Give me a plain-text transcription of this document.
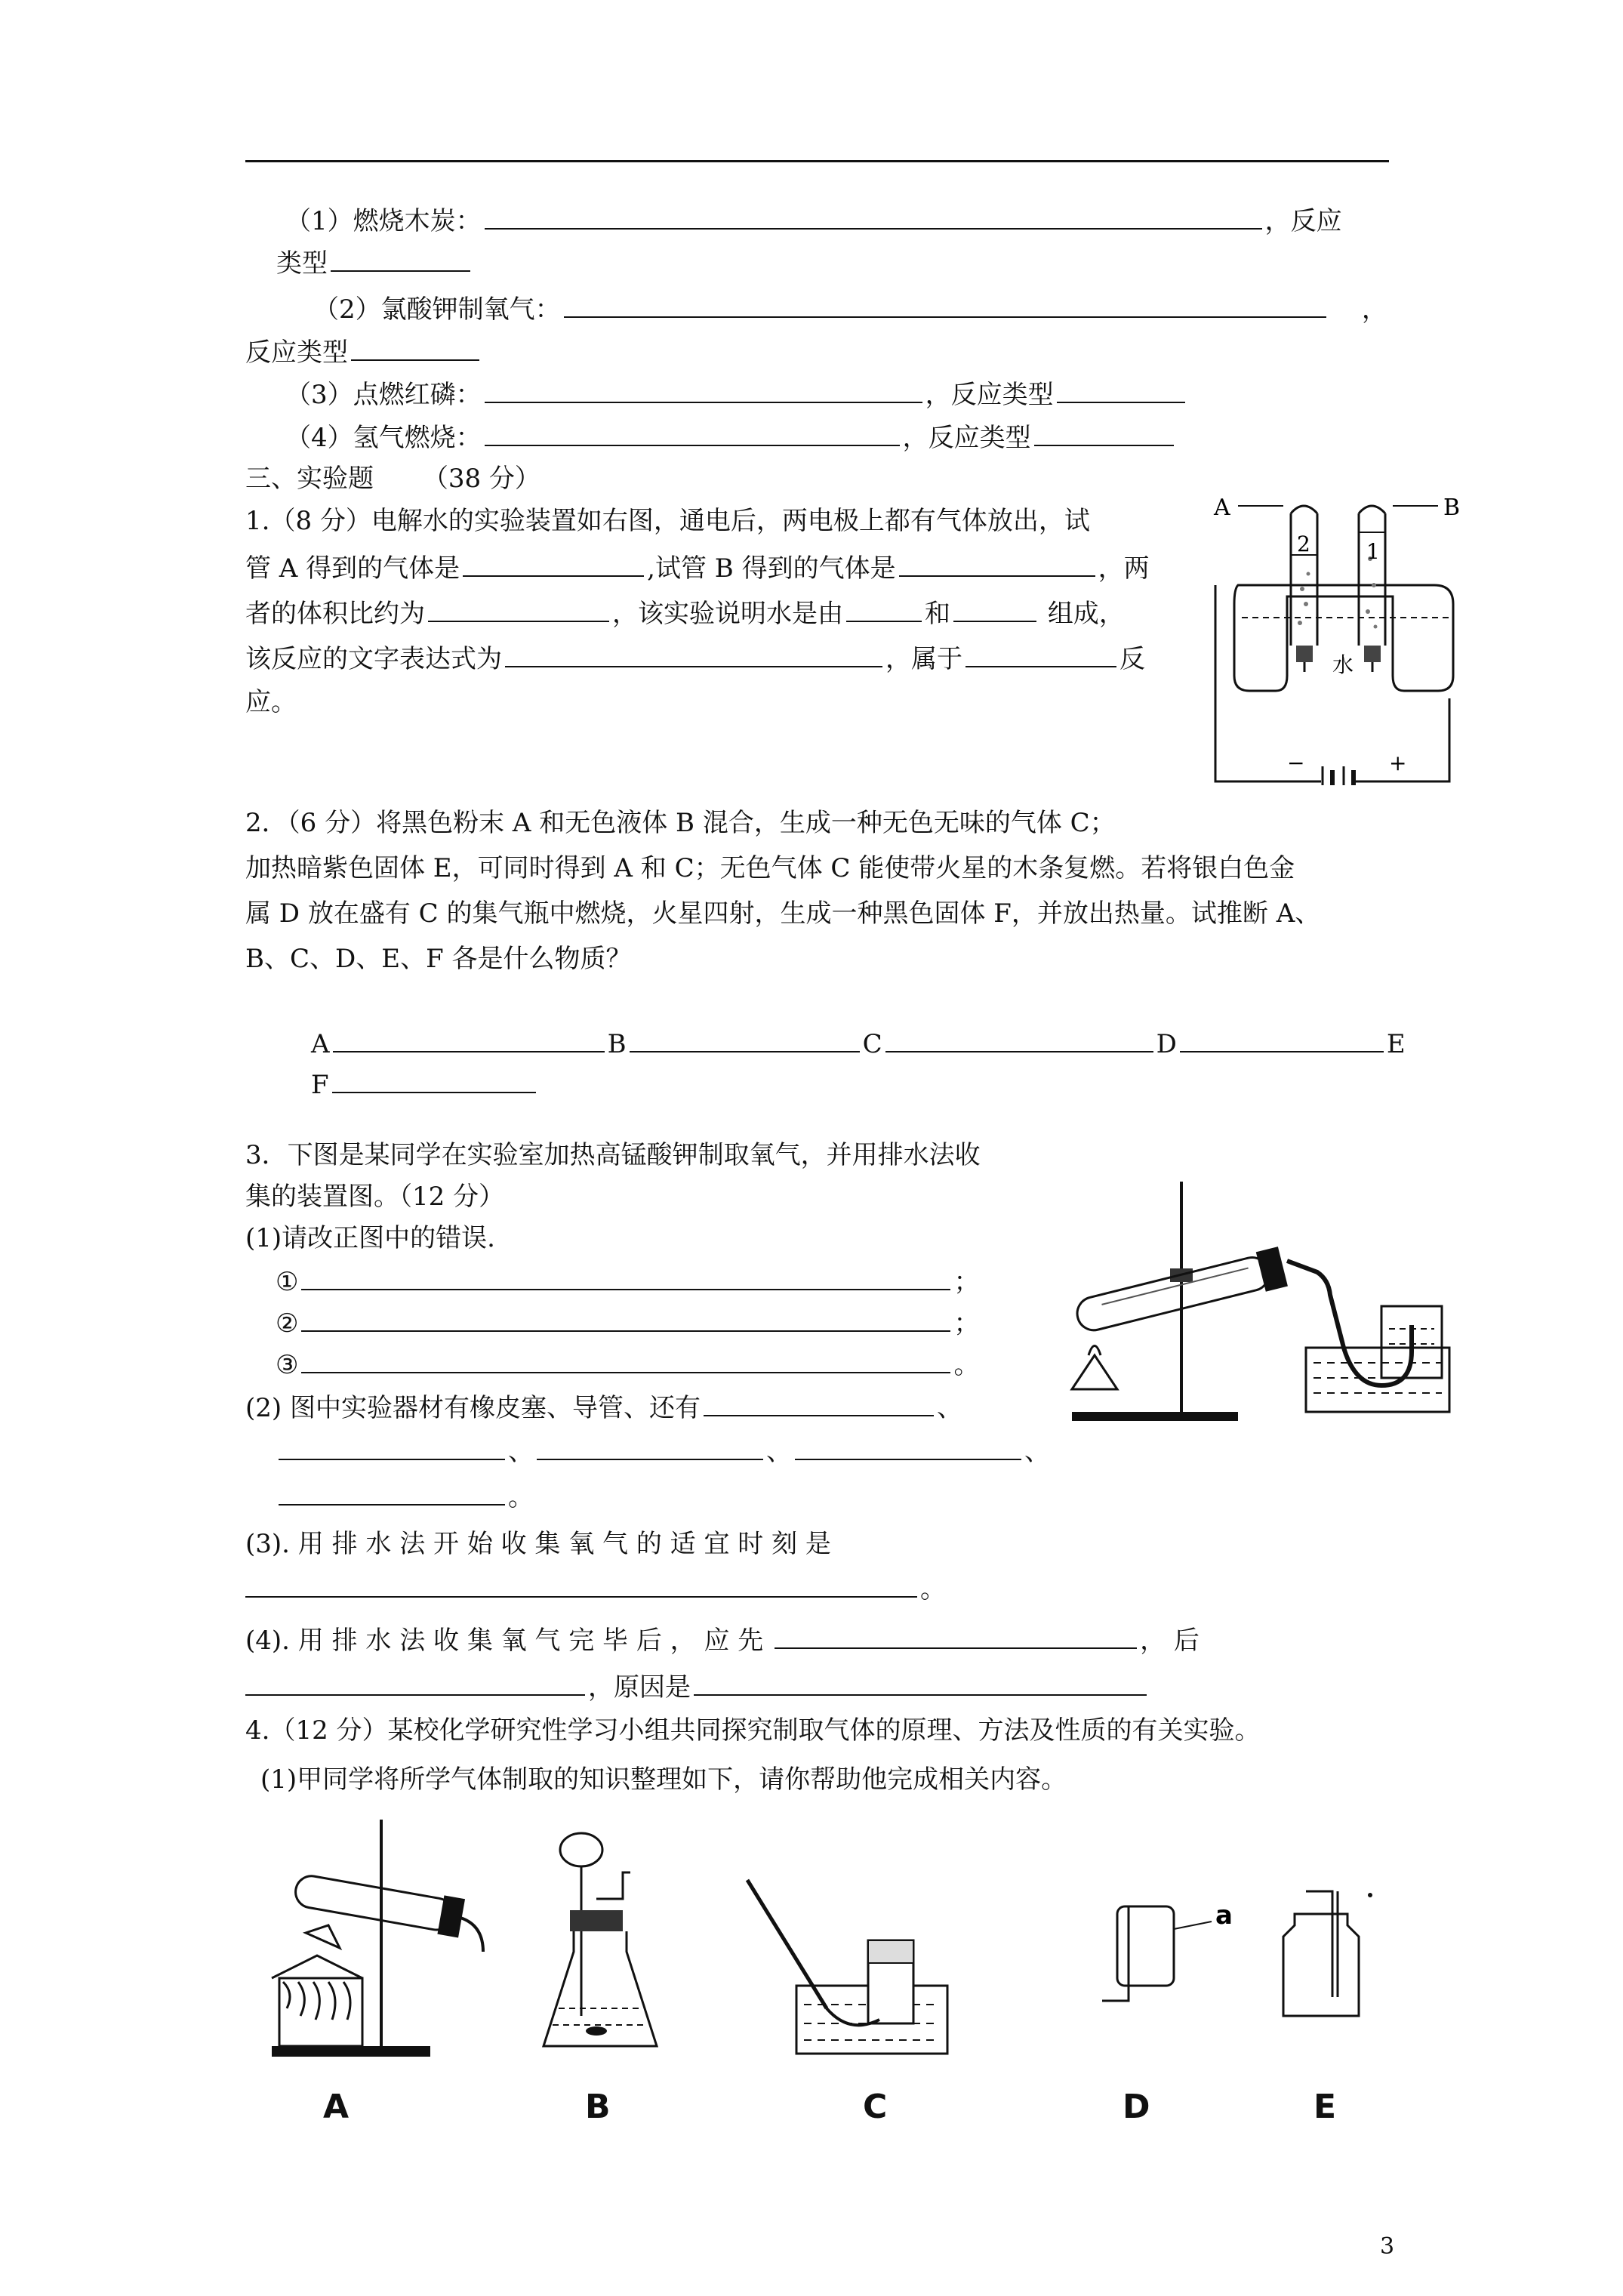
（1）燃烧木炭：	，反应
类型
（2）氯酸钾制氧气：	，
反应类型
（3）点燃红磷：	，反应类型
（4）氢气燃烧：	，反应类型
三、实验题 （38 分）
1.（8 分）电解水的实验装置如右图，通电后，两电极上都有气体放出，试
管 A 得到的气体是	,试管 B 得到的气体是	，两
者的体积比约为	，该实验说明水是由	和	组成，
该反应的文字表达式为	，属于	反
应。
A	B
2	1
水
−	+
2．（6 分）将黑色粉末 A 和无色液体 B 混合，生成一种无色无味的气体 C；
加热暗紫色固体 E，可同时得到 A 和 C；无色气体 C 能使带火星的木条复燃。若将银白色金
属 D 放在盛有 C 的集气瓶中燃烧，火星四射，生成一种黑色固体 F，并放出热量。试推断 A、
B、C、D、E、F 各是什么物质？
A	B	C	D	E
F
3．下图是某同学在实验室加热高锰酸钾制取氧气，并用排水法收
集的装置图。（12 分）
(1)请改正图中的错误.
①	；
②	；
③	。
(2) 图中实验器材有橡皮塞、导管、还有	、
、	、	、
。
(3). 用 排 水 法 开 始 收 集 氧 气 的 适 宜 时 刻 是
。
(4). 用 排 水 法 收 集 氧 气 完 毕 后 ， 应 先	， 后
，原因是
4.（12 分）某校化学研究性学习小组共同探究制取气体的原理、方法及性质的有关实验。
(1)甲同学将所学气体制取的知识整理如下，请你帮助他完成相关内容。
a
A	B	C	D	E
3
